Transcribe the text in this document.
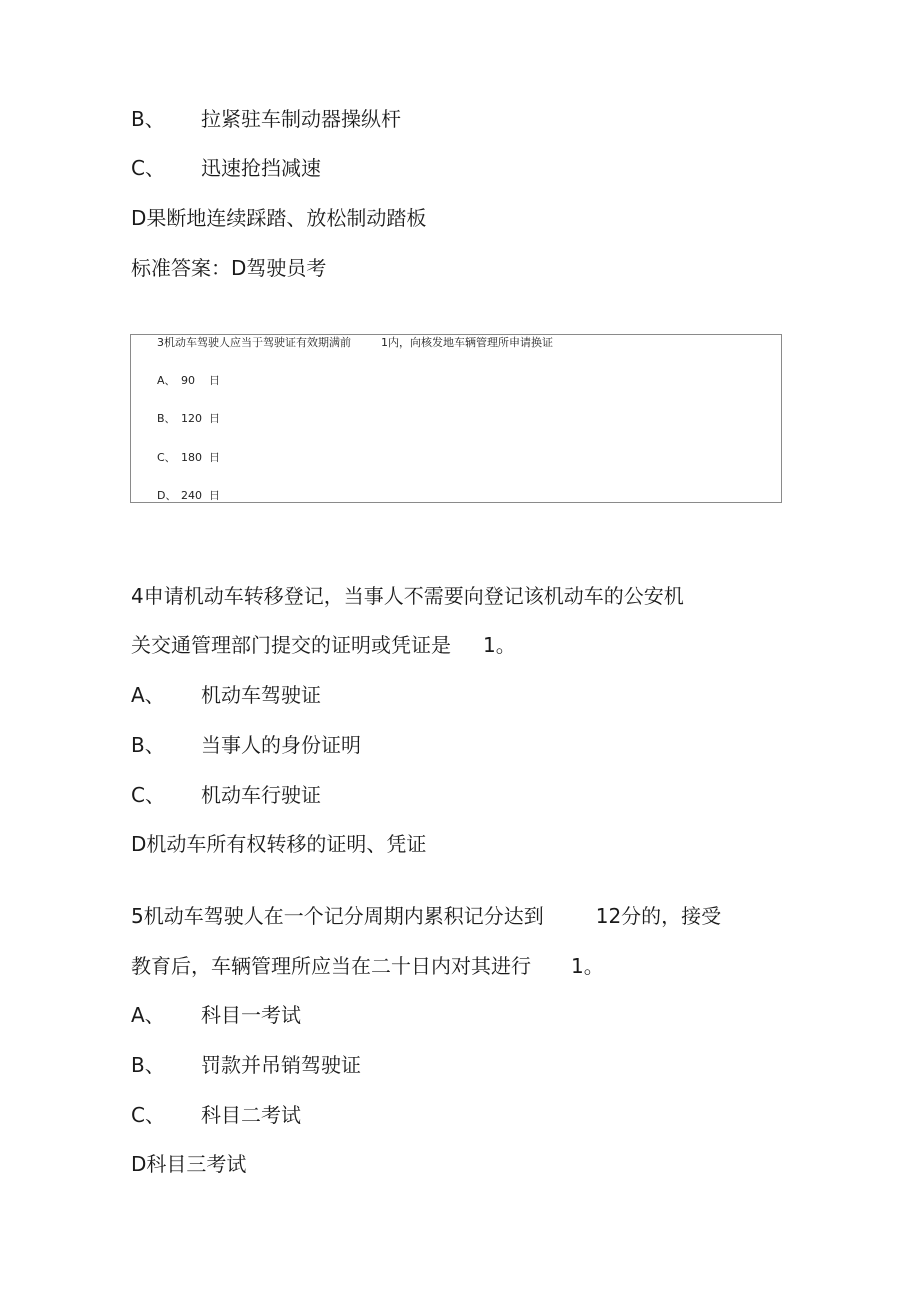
B、 拉紧驻车制动器操纵杆
C、 迅速抢挡减速
D果断地连续踩踏、放松制动踏板
标准答案：D驾驶员考
3机动车驾驶人应当于驾驶证有效期满前	1内，向核发地车辆管理所申请换证
A、 90 日
B、 120 日
C、 180 日
D、 240 日
4申请机动车转移登记，当事人不需要向登记该机动车的公安机
关交通管理部门提交的证明或凭证是 1。
A、 机动车驾驶证
B、 当事人的身份证明
C、 机动车行驶证
D机动车所有权转移的证明、凭证
5机动车驾驶人在一个记分周期内累积记分达到	12分的，接受
教育后，车辆管理所应当在二十日内对其进行 1。
A、 科目一考试
B、 罚款并吊销驾驶证
C、 科目二考试
D科目三考试
